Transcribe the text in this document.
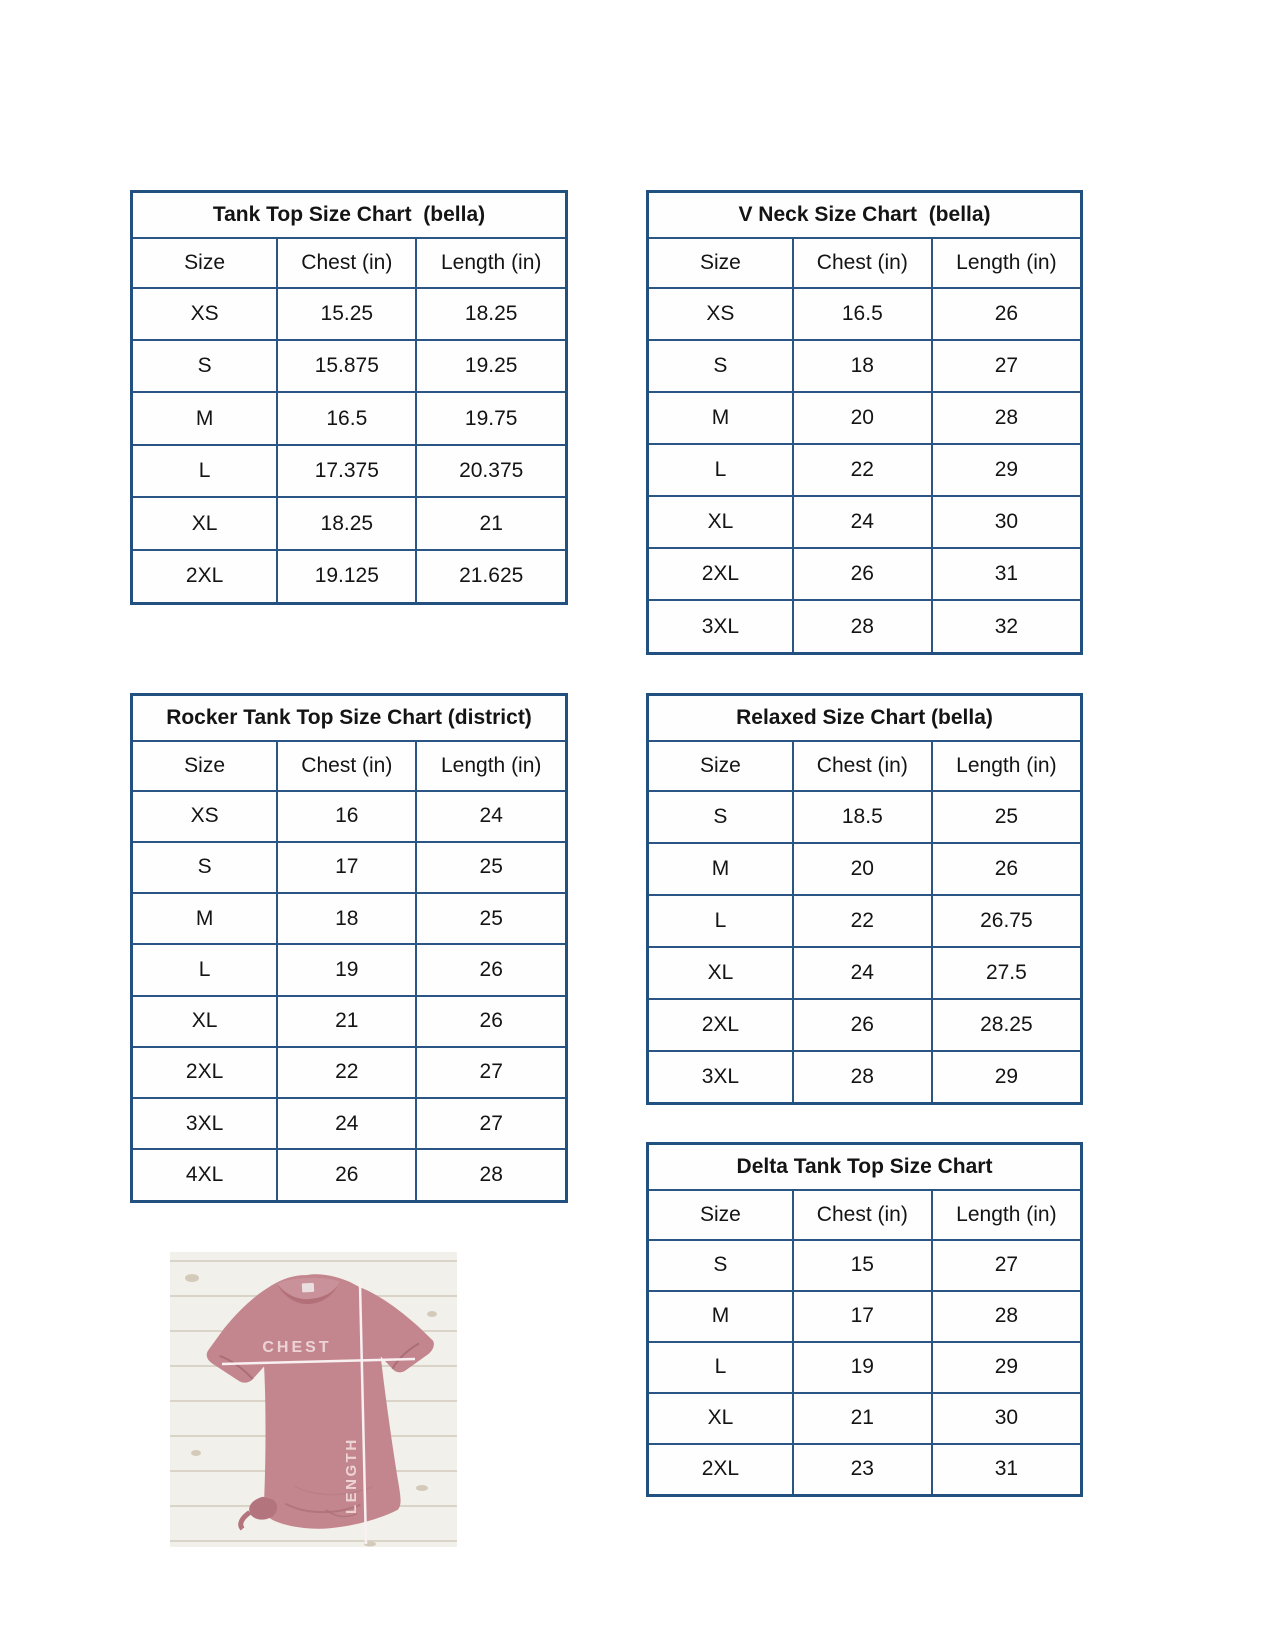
Tank Top Size Chart  (bella)		
Size	Chest (in)	Length (in)
XS	15.25	18.25
S	15.875	19.25
M	16.5	19.75
L	17.375	20.375
XL	18.25	21
2XL	19.125	21.625
V Neck Size Chart  (bella)		
Size	Chest (in)	Length (in)
XS	16.5	26
S	18	27
M	20	28
L	22	29
XL	24	30
2XL	26	31
3XL	28	32
Rocker Tank Top Size Chart (district)		
Size	Chest (in)	Length (in)
XS	16	24
S	17	25
M	18	25
L	19	26
XL	21	26
2XL	22	27
3XL	24	27
4XL	26	28
Relaxed Size Chart (bella)		
Size	Chest (in)	Length (in)
S	18.5	25
M	20	26
L	22	26.75
XL	24	27.5
2XL	26	28.25
3XL	28	29
Delta Tank Top Size Chart		
Size	Chest (in)	Length (in)
S	15	27
M	17	28
L	19	29
XL	21	30
2XL	23	31
CHEST
LENGTH
